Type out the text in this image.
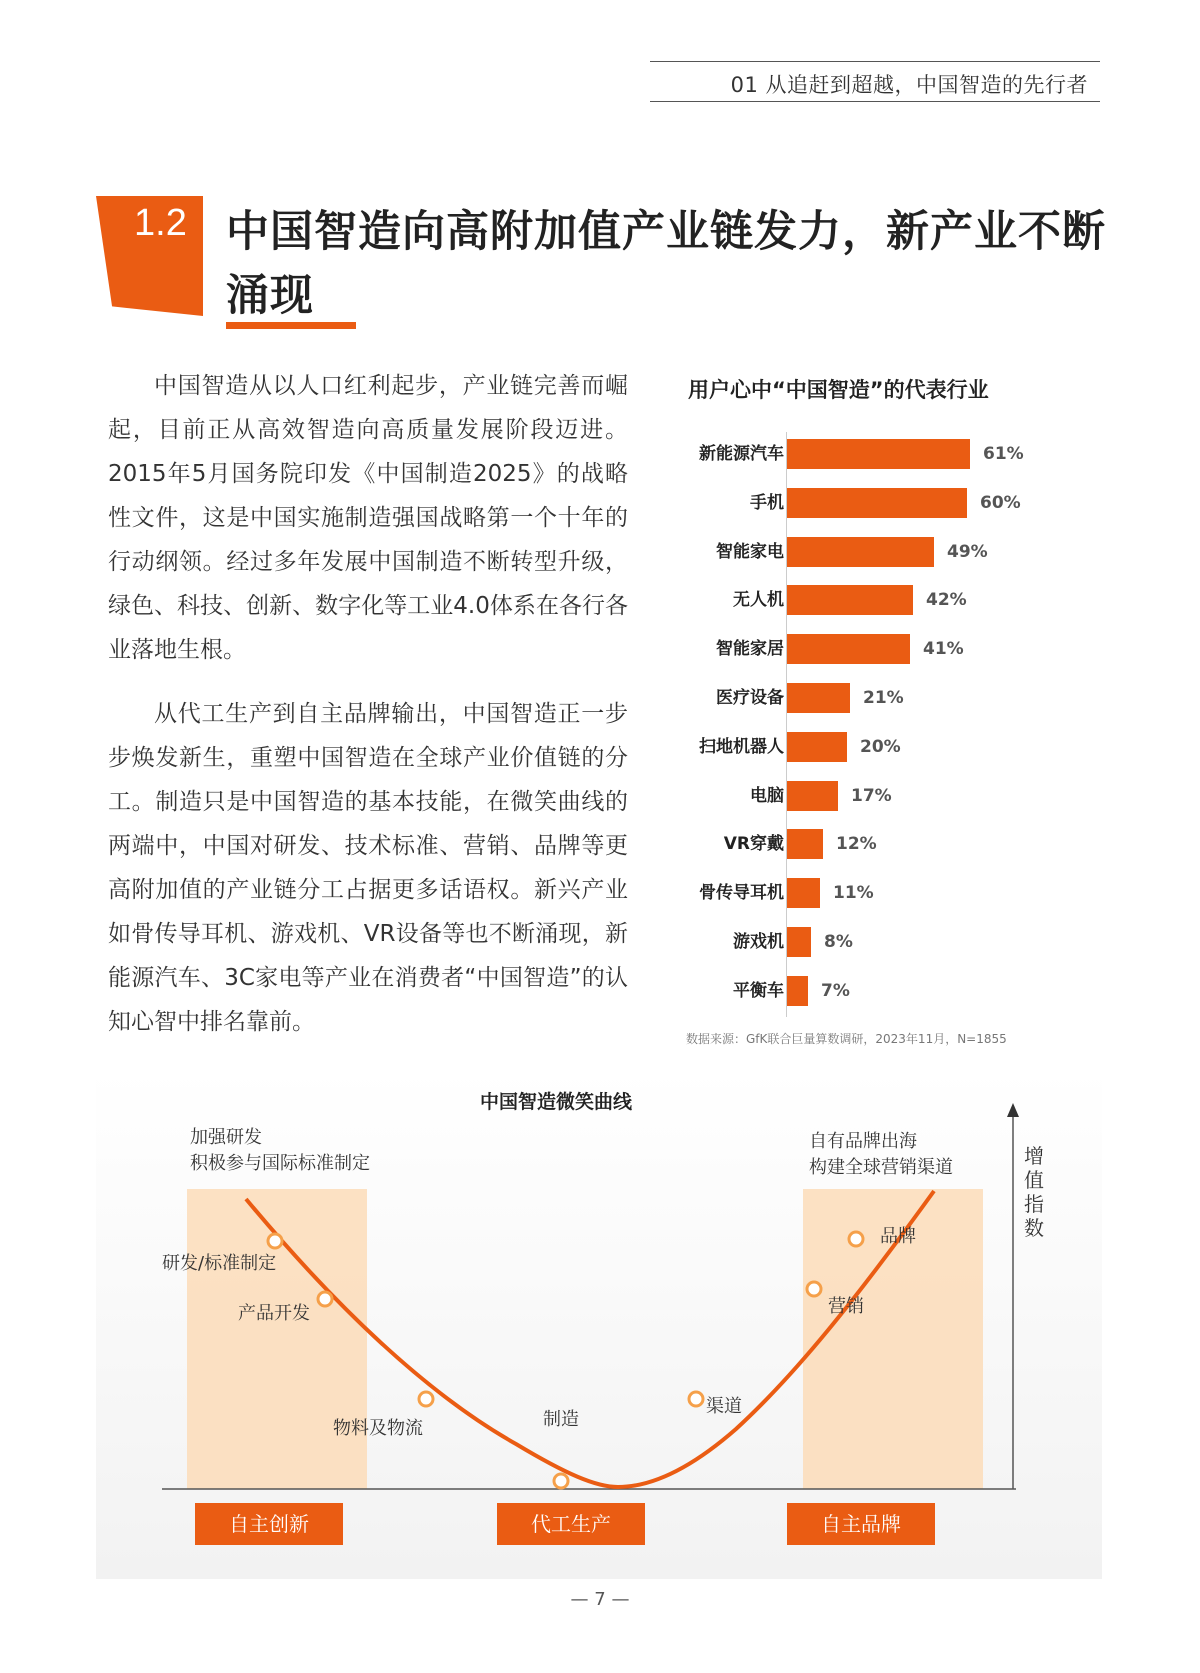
01 从追赶到超越，中国智造的先行者
1.2 中国智造向高附加值产业链发力，新产业不断涌现

中国智造从以人口红利起步，产业链完善而崛起，目前正从高效智造向高质量发展阶段迈进。2015年5月国务院印发《中国制造2025》的战略性文件，这是中国实施制造强国战略第一个十年的行动纲领。经过多年发展中国制造不断转型升级，绿色、科技、创新、数字化等工业4.0体系在各行各业落地生根。

从代工生产到自主品牌输出，中国智造正一步步焕发新生，重塑中国智造在全球产业价值链的分工。制造只是中国智造的基本技能，在微笑曲线的两端中，中国对研发、技术标准、营销、品牌等更高附加值的产业链分工占据更多话语权。新兴产业如骨传导耳机、游戏机、VR设备等也不断涌现，新能源汽车、3C家电等产业在消费者“中国智造”的认知心智中排名靠前。

用户心中“中国智造”的代表行业
新能源汽车	61%
手机	60%
智能家电	49%
无人机	42%
智能家居	41%
医疗设备	21%
扫地机器人	20%
电脑	17%
VR穿戴	12%
骨传导耳机	11%
游戏机 8%
平衡车 7%
数据来源：GfK联合巨量算数调研，2023年11月，N=1855
中国智造微笑曲线
加强研发
积极参与国际标准制定
自有品牌出海
构建全球营销渠道	增值指数
研发/标准制定
产品开发
物料及物流	制造
渠道
营销
品牌
自主创新	代工生产	自主品牌
— 7 —
